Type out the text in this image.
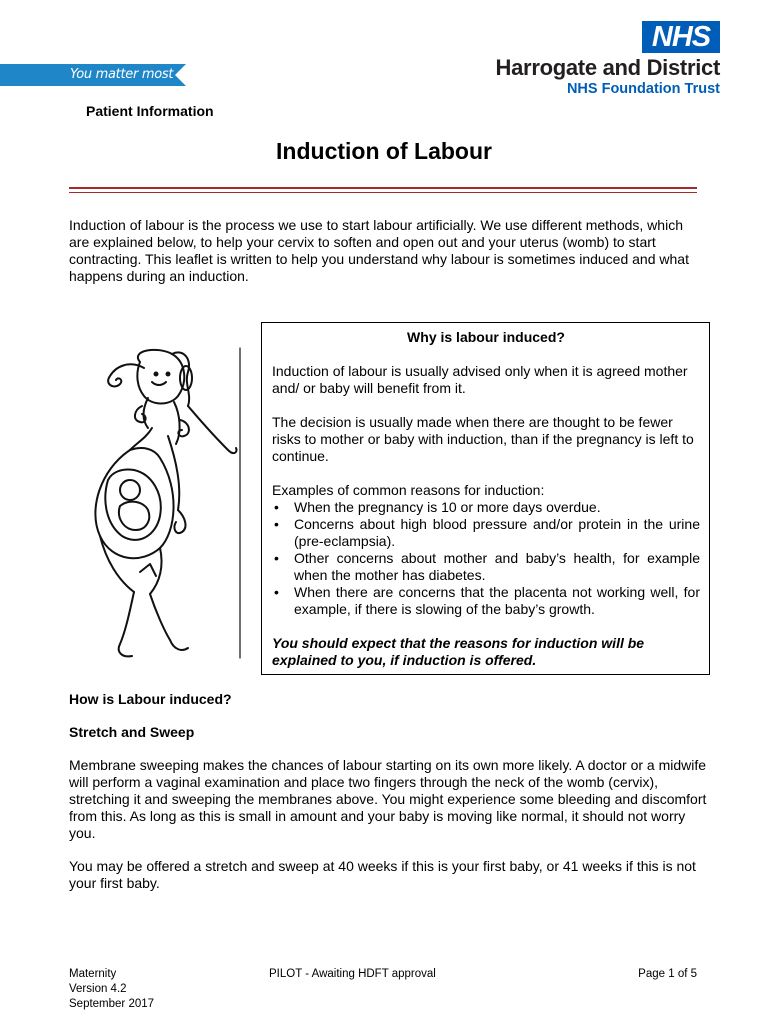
You matter most
NHS
Harrogate and District
NHS Foundation Trust
Patient Information
Induction of Labour
Induction of labour is the process we use to start labour artificially. We use different methods, which are explained below, to help your cervix to soften and open out and your uterus (womb) to start contracting. This leaflet is written to help you understand why labour is sometimes induced and what happens during an induction.
Why is labour induced?

Induction of labour is usually advised only when it is agreed mother and/ or baby will benefit from it.

The decision is usually made when there are thought to be fewer risks to mother or baby with induction, than if the pregnancy is left to continue.

Examples of common reasons for induction:

• When the pregnancy is 10 or more days overdue.
• Concerns about high blood pressure and/or protein in the urine (pre-eclampsia).
• Other concerns about mother and baby’s health, for example when the mother has diabetes.
• When there are concerns that the placenta not working well, for example, if there is slowing of the baby’s growth.

You should expect that the reasons for induction will be explained to you, if induction is offered.

How is Labour induced?
Stretch and Sweep
Membrane sweeping makes the chances of labour starting on its own more likely. A doctor or a midwife will perform a vaginal examination and place two fingers through the neck of the womb (cervix), stretching it and sweeping the membranes above. You might experience some bleeding and discomfort from this. As long as this is small in amount and your baby is moving like normal, it should not worry you.
You may be offered a stretch and sweep at 40 weeks if this is your first baby, or 41 weeks if this is not your first baby.
Maternity
Version 4.2
September 2017
PILOT - Awaiting HDFT approval	Page 1 of 5
